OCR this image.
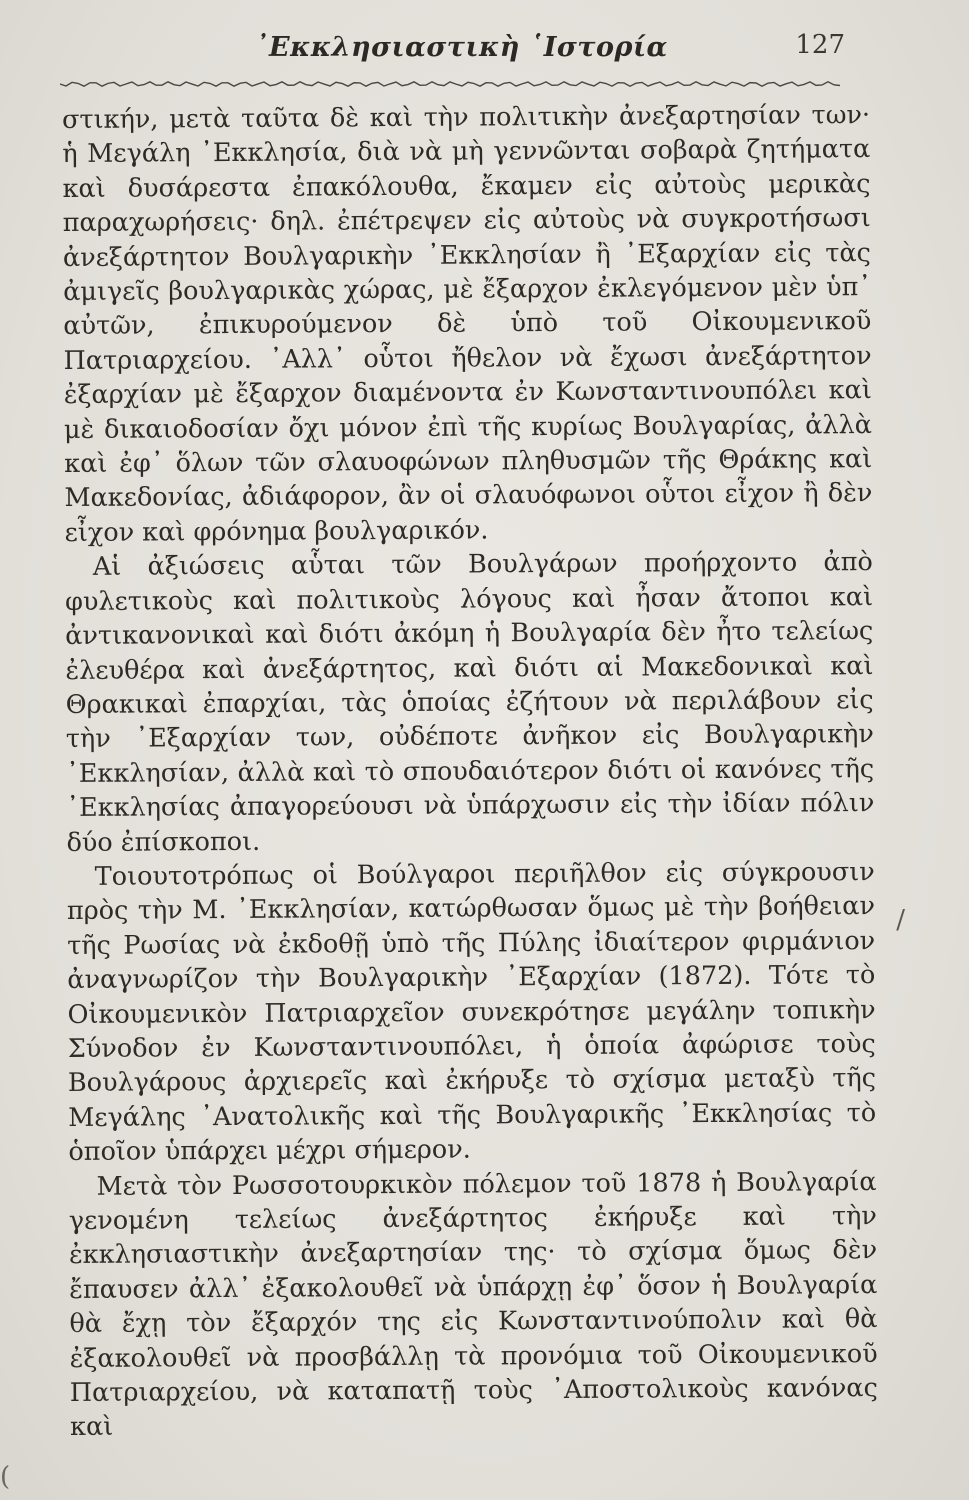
᾿Εκκλησιαστικὴ ῾Ιστορία	127

στικήν, μετὰ ταῦτα δὲ καὶ τὴν πολιτικὴν ἀνεξαρτησίαν των· ἡ Μεγάλη ᾿Εκκλησία, διὰ νὰ μὴ γεννῶνται σοβαρὰ ζητήματα καὶ δυσάρεστα ἐπακόλουθα, ἔκαμεν εἰς αὐτοὺς μερικὰς παραχωρήσεις· δηλ. ἐπέτρεψεν εἰς αὐτοὺς νὰ συγκροτήσωσι ἀνεξάρτητον Βουλγαρικὴν ᾿Εκκλησίαν ἢ ᾿Εξαρχίαν εἰς τὰς ἀμιγεῖς βουλγαρικὰς χώρας, μὲ ἔξαρχον ἐκλεγόμενον μὲν ὑπ᾿ αὐτῶν, ἐπικυρούμενον δὲ ὑπὸ τοῦ Οἰκουμενικοῦ Πατριαρχείου. ᾿Αλλ᾿ οὗτοι ἤθελον νὰ ἔχωσι ἀνεξάρτητον ἐξαρχίαν μὲ ἔξαρχον διαμένοντα ἐν Κωνσταντινουπόλει καὶ μὲ δικαιοδοσίαν ὄχι μόνον ἐπὶ τῆς κυρίως Βουλγαρίας, ἀλλὰ καὶ ἐφ᾿ ὅλων τῶν σλαυοφώνων πληθυσμῶν τῆς Θράκης καὶ Μακεδονίας, ἀδιάφορον, ἂν οἱ σλαυόφωνοι οὗτοι εἶχον ἢ δὲν εἶχον καὶ φρόνημα βουλγαρικόν.

Αἱ ἀξιώσεις αὗται τῶν Βουλγάρων προήρχοντο ἀπὸ φυλετικοὺς καὶ πολιτικοὺς λόγους καὶ ἦσαν ἄτοποι καὶ ἀντικανονικαὶ καὶ διότι ἀκόμη ἡ Βουλγαρία δὲν ἦτο τελείως ἐλευθέρα καὶ ἀνεξάρτητος, καὶ διότι αἱ Μακεδονικαὶ καὶ Θρακικαὶ ἐπαρχίαι, τὰς ὁποίας ἐζήτουν νὰ περιλάβουν εἰς τὴν ᾿Εξαρχίαν των, οὐδέποτε ἀνῆκον εἰς Βουλγαρικὴν ᾿Εκκλησίαν, ἀλλὰ καὶ τὸ σπουδαιότερον διότι οἱ κανόνες τῆς ᾿Εκκλησίας ἀπαγορεύουσι νὰ ὑπάρχωσιν εἰς τὴν ἰδίαν πόλιν δύο ἐπίσκοποι.

Τοιουτοτρόπως οἱ Βούλγαροι περιῆλθον εἰς σύγκρουσιν πρὸς τὴν Μ. ᾿Εκκλησίαν, κατώρθωσαν ὅμως μὲ τὴν βοήθειαν τῆς Ρωσίας νὰ ἐκδοθῇ ὑπὸ τῆς Πύλης ἰδιαίτερον φιρμάνιον ἀναγνωρίζον τὴν Βουλγαρικὴν ᾿Εξαρχίαν (1872). Τότε τὸ Οἰκουμενικὸν Πατριαρχεῖον συνεκρότησε μεγάλην τοπικὴν Σύνοδον ἐν Κωνσταντινουπόλει, ἡ ὁποία ἀφώρισε τοὺς Βουλγάρους ἀρχιερεῖς καὶ ἐκήρυξε τὸ σχίσμα μεταξὺ τῆς Μεγάλης ᾿Ανατολικῆς καὶ τῆς Βουλγαρικῆς ᾿Εκκλησίας τὸ ὁποῖον ὑπάρχει μέχρι σήμερον.

Μετὰ τὸν Ρωσσοτουρκικὸν πόλεμον τοῦ 1878 ἡ Βουλγαρία γενομένη τελείως ἀνεξάρτητος ἐκήρυξε καὶ τὴν ἐκκλησιαστικὴν ἀνεξαρτησίαν της· τὸ σχίσμα ὅμως δὲν ἔπαυσεν ἀλλ᾿ ἐξακολουθεῖ νὰ ὑπάρχῃ ἐφ᾿ ὅσον ἡ Βουλγαρία θὰ ἔχῃ τὸν ἔξαρχόν της εἰς Κωνσταντινούπολιν καὶ θὰ ἐξακολουθεῖ νὰ προσβάλλῃ τὰ προνόμια τοῦ Οἰκουμενικοῦ Πατριαρχείου, νὰ καταπατῇ τοὺς ᾿Αποστολικοὺς κανόνας καὶ

/
(
